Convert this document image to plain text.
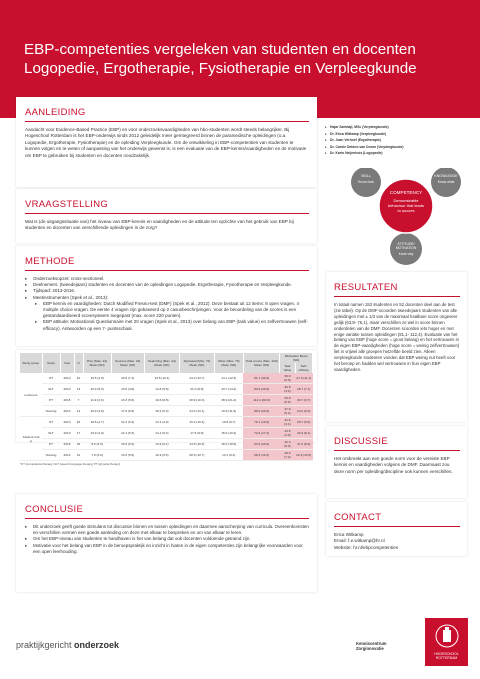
EBP-competenties vergeleken van studenten en docenten Logopedie, Ergotherapie, Fysiotherapie en Verpleegkunde
AANLEIDING
Aandacht voor Evidence-Based Practice (EBP) en voor onderzoeksvaardigheden van hbo-studenten wordt steeds belangrijker. Bij Hogeschool Rotterdam is het EBP-onderwijs sinds 2012 geleidelijk meer geïntegreerd binnen de paramedische opleidingen (o.a. Logopedie, Ergotherapie, Fysiotherapie) en de opleiding Verpleegkunde. Om de ontwikkeling in EBP-competenties van studenten te kunnen volgen en te weten of aanpassing van het onderwijs gewenst is, is een evaluatie van de EBP-kennis/vaardigheden en de motivatie om EBP te gebruiken bij studenten en docenten noodzakelijk.
▸ Hajar Samhaji, MSc (Verpleegkunde)
▸ Dr. Erica Witkamp (Verpleegkunde)
▸ Dr. Joan Verhoef (Ergotherapie)
▸ Dr. Carole Dekker-van Doorn (Verpleegkunde)
▸ Dr. Karin Neijenhuis (Logopedie)
SKILL
Know how
KNOWLEDGE
Know what
COMPETENCY
Demonstrable behaviour that leads to succes
ATTITUDE/ MOTIVATION
Know why
VRAAGSTELLING
Wat is (de uitgangssituatie van) het niveau van EBP-kennis en vaardigheden en de attitude ten opzichte van het gebruik van EBP bij studenten en docenten van verschillende opleidingen in de zorg?
METHODE
▸ Onderzoeksopzet: cross-sectioneel.
▸ Deelnemers: (tweedejaars) studenten en docenten van de opleidingen Logopedie, Ergotherapie, Fysiotherapie en Verpleegkunde.
▸ Tijdspad: 2013-2016.
▸ Meetinstrumenten (Spek et al., 2013):
▸ EBP kennis en vaardigheden: Dutch Modified Fresno-test (DMF) (Spek et al., 2012). Deze bestaat uit 12 items: 8 open vragen, 4 multiple choice vragen. De eerste 4 vragen zijn gebaseerd op 2 casusbeschrijvingen. Voor de beoordeling van de scores is een gestandaardiseerd scoresysteem toegepast (max. score 220 punten).
▸ EBP attitude: Motivational Questionnaire met 20 vragen (Spek et al., 2013) over belang van EBP (task value) en zelfvertrouwen (self-efficacy). Antwoorden op een 7- puntsschaal.
Study group	Study	Year	N	Pico (Max. 24) Mean (SD)	Sources (Max. 24) Mean (SD)	Searching (Max. 24) Mean (SD)	Appraisal (Max. 72) Mean (SD)	Other (Max. 76) Mean (SD)	Total scores (Max. 220) Mean (SD)	Motivation Mean (SD)	
										Task Value	Self-efficacy
Lecturers	OT	2013	10	19.5 (2.8)	10.9 (7.4)	13.5 (10.1)	24.2 (13.7)	14.1 (12.3)	81.7 (32.6)	46.9 (9.0)	27.2 (11.1)
	SLT	2013	13	16.9 (5.6)	13.5 (4.8)	14.8 (5.8)	21.0 (8.8)	23.7 (14.4)	83.9 (24.8)	46.8 (4.2)	25.7 (7.1)
	PT	2015	7	11.9 (3.3)	13.3 (5.6)	19.6 (8.8)	28.9 (10.3)	38.9 (21.4)	112.4 (46.8)	43.9 (5.6)	33.7 (9.7)
	Nursing	2014	14	10.9 (4.8)	17.9 (6.5)	18.2 (5.3)	24.4 (13.1)	16.6 (11.9)	88.0 (24.6)	47.9 (5.2)	24.2 (9.9)
Student 2nd yr	OT	2013	15	18.5 (2.7)	14.4 (5.4)	14.1 (4.9)	19.2 (10.4)	10.8 (9.7)	76.1 (19.9)	41.9 (4.1)	29.7 (6.6)
	SLT	2013	17	19.9 (4.9)	12.1 (5.3)	14.1 (5.4)	17.6 (9.8)	15.6 (10.2)	72.6 (17.4)	44.6 (4.9)	34.3 (8.1)
	PT	2015	32	8.5 (3.9)	10.5 (5.2)	14.9 (6.1)	14.5 (10.2)	16.0 (10.9)	63.5 (23.9)	42.3 (6.0)	37.2 (8.6)
	Nursing	2014	31	7.9 (3.0)	13.5 (5.5)	16.9 (5.5)	28.5 (10.7)	13.1 (6.2)	68.3 (14.5)	39.0 (7.2)	22.9 (10.5)
*OT (occupational therapy) SLT (speech language therapy) PT (physical therapy)
CONCLUSIE
▸ Dit onderzoek geeft goede stimulans tot discussie binnen en tussen opleidingen en daarmee aanscherping van curricula. Overeenkomsten en verschillen vormen een goede aanleiding om deze met elkaar te bespreken en om van elkaar te leren.
▸ Om het EBP-niveau van studenten te handhaven is het van belang dat ook docenten voldoende getraind zijn.
▸ Motivatie voor het belang van EBP in de beroepspraktijk en inzicht in hiaten in de eigen competenties zijn belangrijke voorwaarden voor een open leerhouding.
RESULTATEN
In totaal namen 153 studenten en 52 docenten deel aan de test (zie tabel). Op de DMF-scoorden tweedejaars studenten van alle opleidingen met ± 1/3 van de maximaal haalbare score ongeveer gelijk (63,8- 76,1), maar verschillen ze wel in score binnen onderdelen van de DMF. Docenten scoorden iets hoger en met enige variatie tussen opleidingen (81,1- 112,4). Evaluatie van het belang van EBP (hoge score = groot belang) en het vertrouwen in de eigen EBP-vaardigheden (hoge score = weinig zelfvertrouwen) liet in vrijwel alle groepen hetzelfde beeld zien. Alleen verpleegkunde studenten vonden dat EBP weinig nut heeft voor het beroep en hadden wel vertrouwen in hun eigen EBP vaardigheden.
DISCUSSIE
Het ontbreekt aan een goede norm voor de vereiste EBP kennis en vaardigheden volgens de DMF. Daarnaast zou deze norm per opleiding/discipline ook kunnen verschillen.
CONTACT
Erica Witkamp
Email: f.e.witkamp@hr.nl
Website: hr.nl/ebpcompetenties
praktijkgericht onderzoek	Kenniscentrum
Zorginnovatie
HOGESCHOOL
ROTTERDAM
